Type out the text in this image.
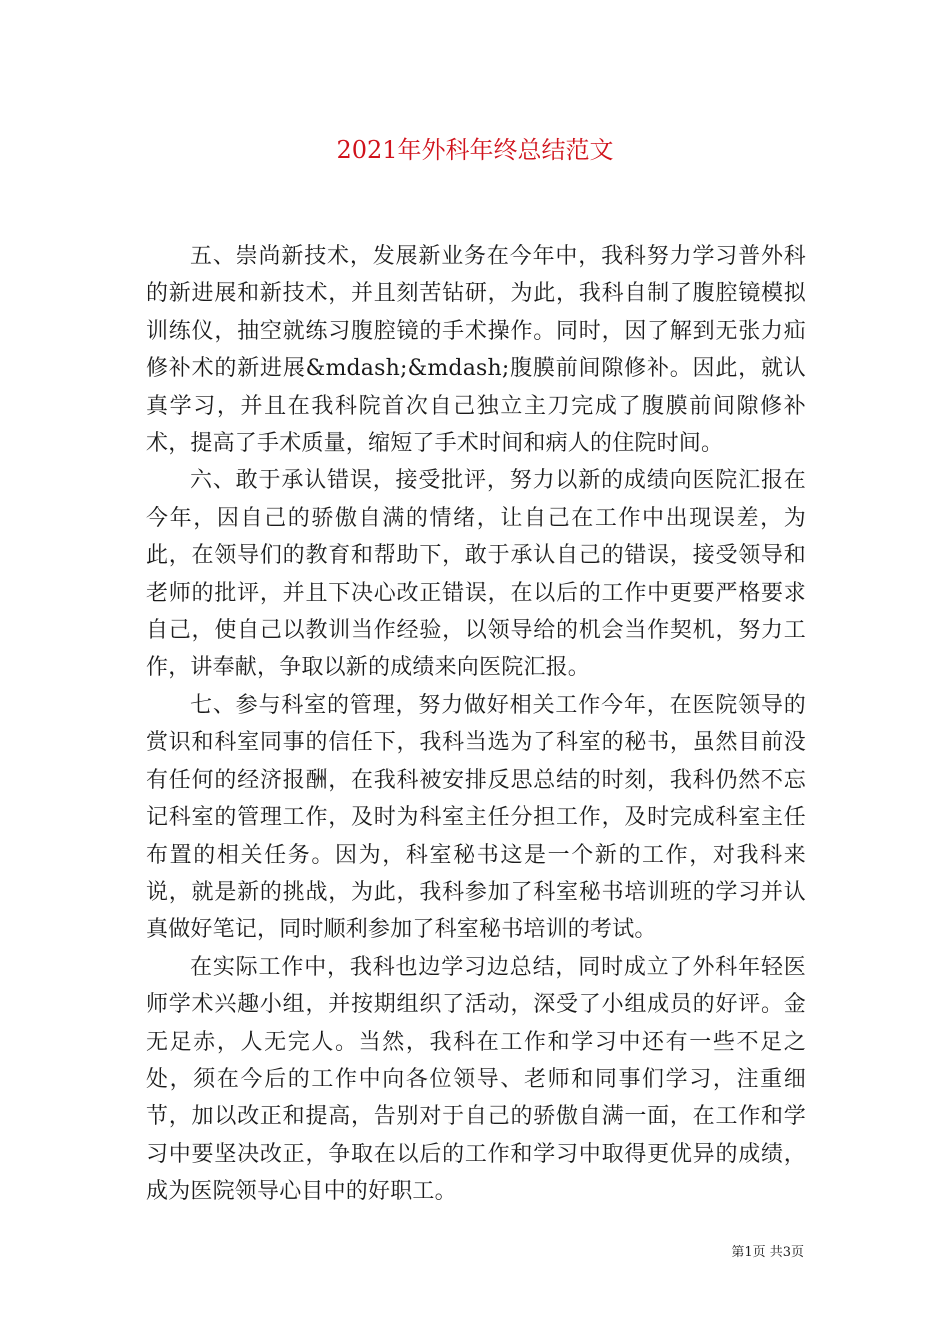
2021年外科年终总结范文

五、崇尚新技术，发展新业务在今年中，我科努力学习普外科的新进展和新技术，并且刻苦钻研，为此，我科自制了腹腔镜模拟训练仪，抽空就练习腹腔镜的手术操作。同时，因了解到无张力疝修补术的新进展&mdash;&mdash;腹膜前间隙修补。因此，就认真学习，并且在我科院首次自己独立主刀完成了腹膜前间隙修补术，提高了手术质量，缩短了手术时间和病人的住院时间。

六、敢于承认错误，接受批评，努力以新的成绩向医院汇报在今年，因自己的骄傲自满的情绪，让自己在工作中出现误差，为此，在领导们的教育和帮助下，敢于承认自己的错误，接受领导和老师的批评，并且下决心改正错误，在以后的工作中更要严格要求自己，使自己以教训当作经验，以领导给的机会当作契机，努力工作，讲奉献，争取以新的成绩来向医院汇报。

七、参与科室的管理，努力做好相关工作今年，在医院领导的赏识和科室同事的信任下，我科当选为了科室的秘书，虽然目前没有任何的经济报酬，在我科被安排反思总结的时刻，我科仍然不忘记科室的管理工作，及时为科室主任分担工作，及时完成科室主任布置的相关任务。因为，科室秘书这是一个新的工作，对我科来说，就是新的挑战，为此，我科参加了科室秘书培训班的学习并认真做好笔记，同时顺利参加了科室秘书培训的考试。

在实际工作中，我科也边学习边总结，同时成立了外科年轻医师学术兴趣小组，并按期组织了活动，深受了小组成员的好评。金无足赤，人无完人。当然，我科在工作和学习中还有一些不足之处，须在今后的工作中向各位领导、老师和同事们学习，注重细节，加以改正和提高，告别对于自己的骄傲自满一面，在工作和学习中要坚决改正，争取在以后的工作和学习中取得更优异的成绩，成为医院领导心目中的好职工。

第1页 共3页
